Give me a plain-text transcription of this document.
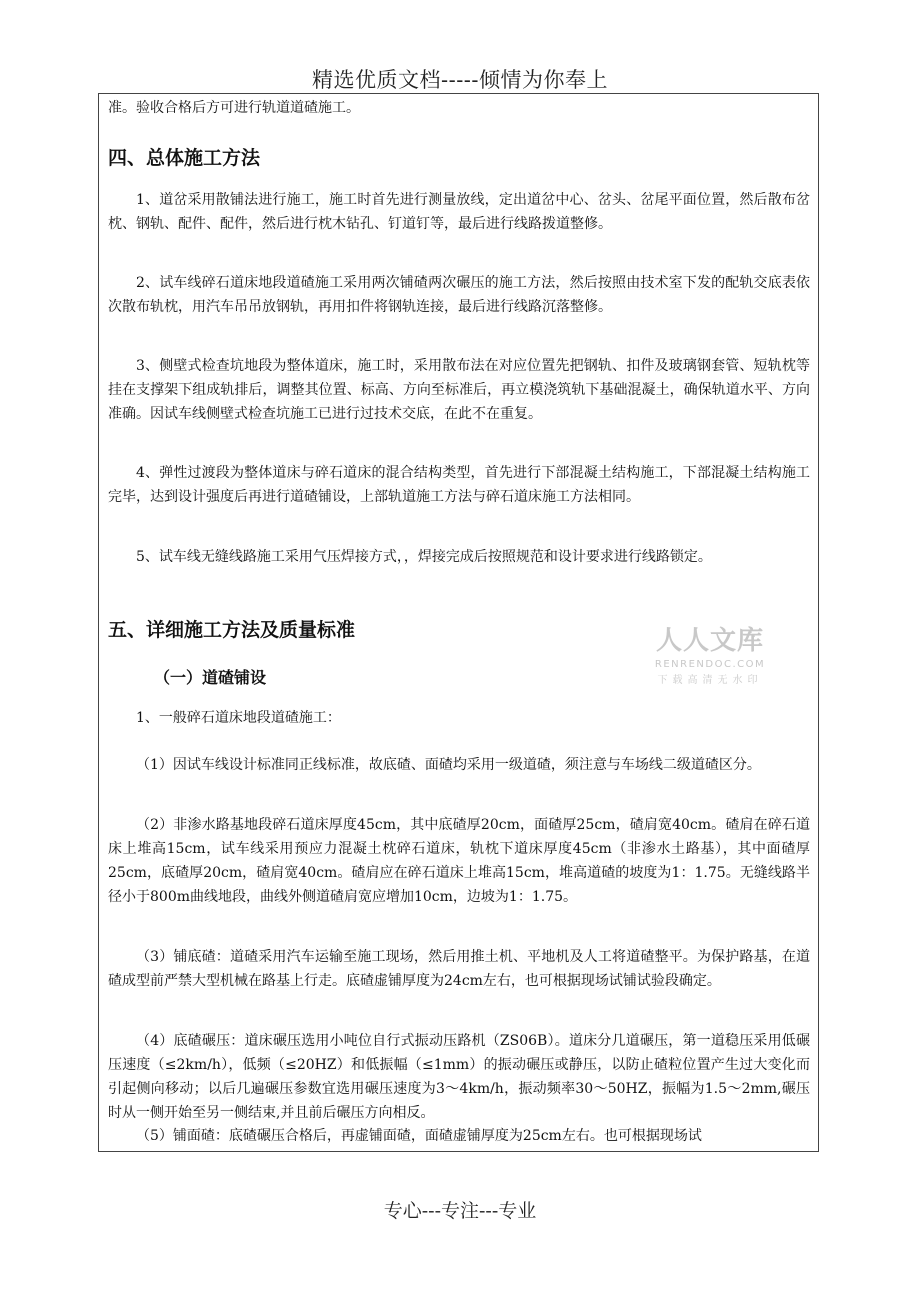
精选优质文档-----倾情为你奉上

准。验收合格后方可进行轨道道碴施工。

四、总体施工方法

1、道岔采用散铺法进行施工，施工时首先进行测量放线，定出道岔中心、岔头、岔尾平面位置，然后散布岔枕、钢轨、配件、配件，然后进行枕木钻孔、钉道钉等，最后进行线路拨道整修。

2、试车线碎石道床地段道碴施工采用两次铺碴两次碾压的施工方法，然后按照由技术室下发的配轨交底表依次散布轨枕，用汽车吊吊放钢轨，再用扣件将钢轨连接，最后进行线路沉落整修。

3、侧壁式检查坑地段为整体道床，施工时，采用散布法在对应位置先把钢轨、扣件及玻璃钢套管、短轨枕等挂在支撑架下组成轨排后，调整其位置、标高、方向至标准后，再立模浇筑轨下基础混凝土，确保轨道水平、方向准确。因试车线侧壁式检查坑施工已进行过技术交底，在此不在重复。

4、弹性过渡段为整体道床与碎石道床的混合结构类型，首先进行下部混凝土结构施工，下部混凝土结构施工完毕，达到设计强度后再进行道碴铺设，上部轨道施工方法与碎石道床施工方法相同。

5、试车线无缝线路施工采用气压焊接方式，，焊接完成后按照规范和设计要求进行线路锁定。

五、详细施工方法及质量标准
（一）道碴铺设

1、一般碎石道床地段道碴施工：

（1）因试车线设计标准同正线标准，故底碴、面碴均采用一级道碴，须注意与车场线二级道碴区分。

（2）非渗水路基地段碎石道床厚度45cm，其中底碴厚20cm，面碴厚25cm，碴肩宽40cm。碴肩在碎石道床上堆高15cm，试车线采用预应力混凝土枕碎石道床，轨枕下道床厚度45cm（非渗水土路基），其中面碴厚25cm，底碴厚20cm，碴肩宽40cm。碴肩应在碎石道床上堆高15cm，堆高道碴的坡度为1：1.75。无缝线路半径小于800m曲线地段，曲线外侧道碴肩宽应增加10cm，边坡为1：1.75。

（3）铺底碴：道碴采用汽车运输至施工现场，然后用推土机、平地机及人工将道碴整平。为保护路基，在道碴成型前严禁大型机械在路基上行走。底碴虚铺厚度为24cm左右，也可根据现场试铺试验段确定。

（4）底碴碾压：道床碾压选用小吨位自行式振动压路机（ZS06B）。道床分几道碾压，第一道稳压采用低碾压速度（≤2km/h），低频（≤20HZ）和低振幅（≤1mm）的振动碾压或静压，以防止碴粒位置产生过大变化而引起侧向移动；以后几遍碾压参数宜选用碾压速度为3～4km/h，振动频率30～50HZ，振幅为1.5～2mm,碾压时从一侧开始至另一侧结束,并且前后碾压方向相反。

（5）铺面碴：底碴碾压合格后，再虚铺面碴，面碴虚铺厚度为25cm左右。也可根据现场试

人人文库
RENRENDOC.COM
下载高清无水印
专心---专注---专业
